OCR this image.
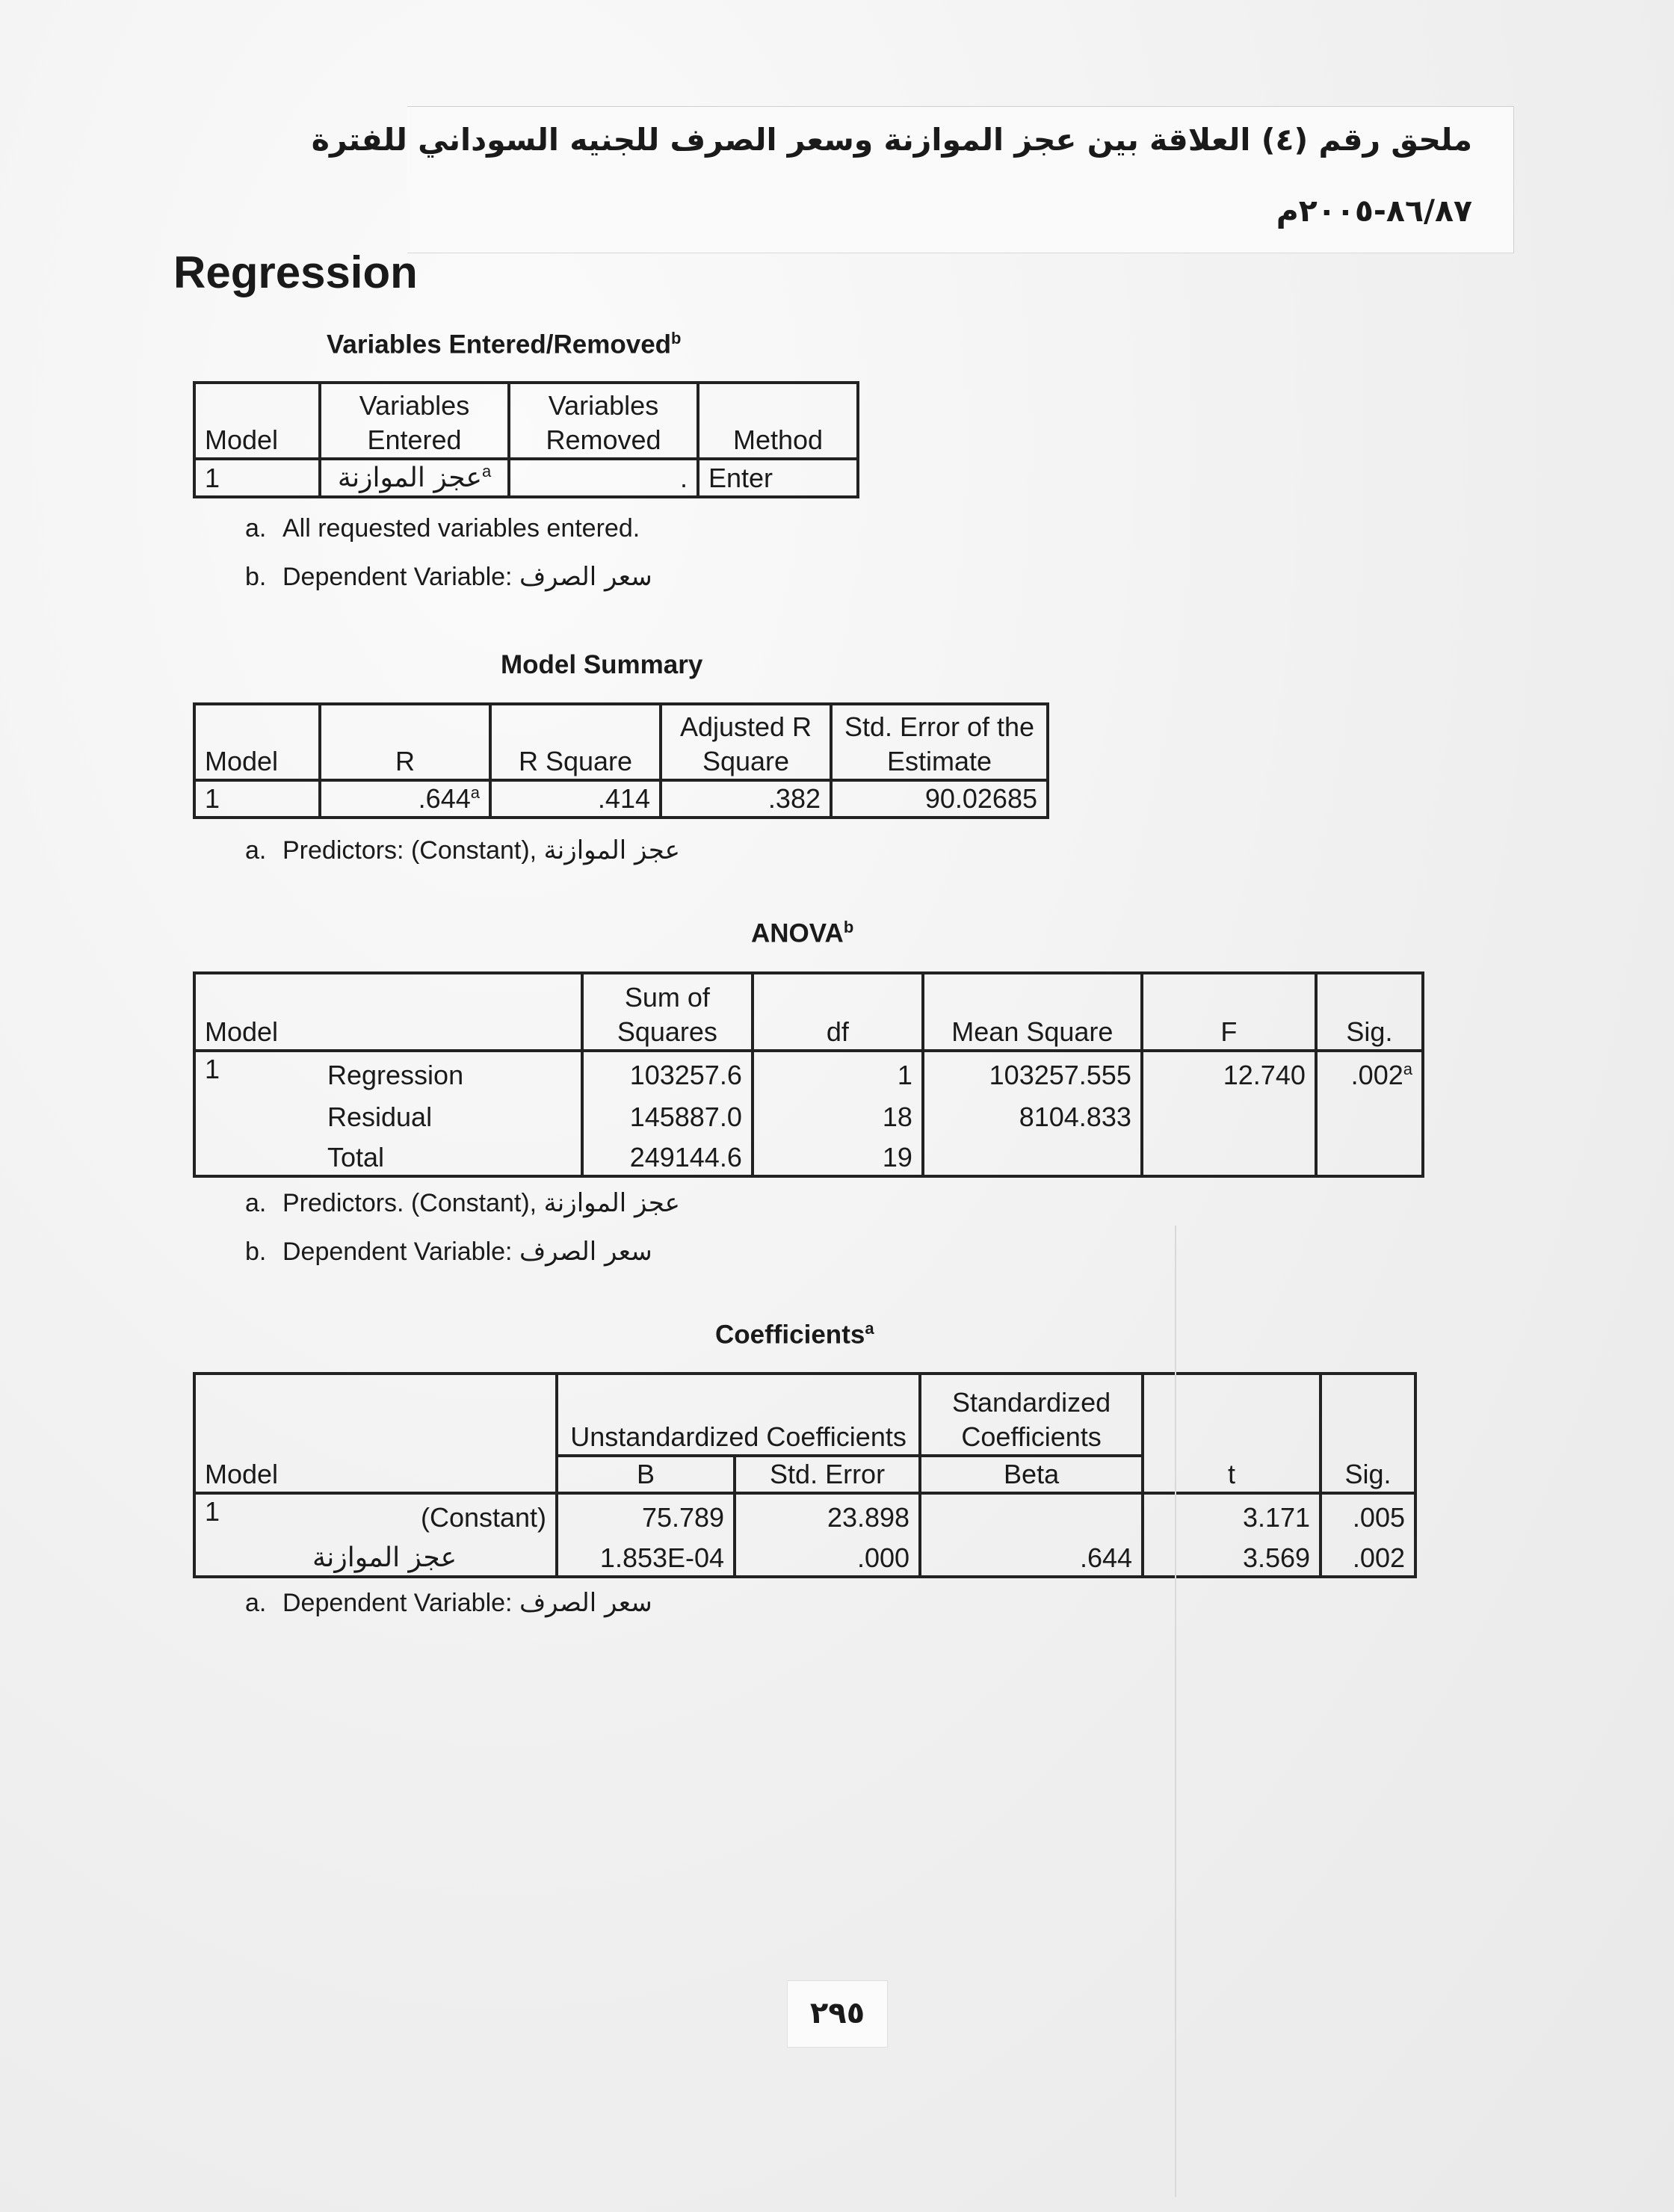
ملحق رقم (٤) العلاقة بين عجز الموازنة وسعر الصرف للجنيه السوداني للفترة
٨٦/٨٧-٢٠٠٥م
Regression
Variables Entered/Removed$^b$
Model	Variables Entered	Variables Removed	Method
1	عجز الموازنة$^a$	.	Enter
a. All requested variables entered.
b. Dependent Variable: سعر الصرف
Model Summary
Model	R	R Square	Adjusted R Square	Std. Error of the Estimate
1	.644$^a$	.414	.382	90.02685
a. Predictors: (Constant), عجز الموازنة
ANOVA$^b$
Model		Sum of Squares	df	Mean Square	F	Sig.
1	Regression	103257.6	1	103257.555	12.740	.002$^a$
	Residual	145887.0	18	8104.833		
	Total	249144.6	19			
a. Predictors. (Constant), عجز الموازنة
b. Dependent Variable: سعر الصرف
Coefficients$^a$
Model		Unstandardized Coefficients		Standardized Coefficients	t	Sig.
		B	Std. Error	Beta		
1	(Constant)	75.789	23.898		3.171	.005
	عجز الموازنة	1.853E-04	.000	.644	3.569	.002
a. Dependent Variable: سعر الصرف
٢٩٥
